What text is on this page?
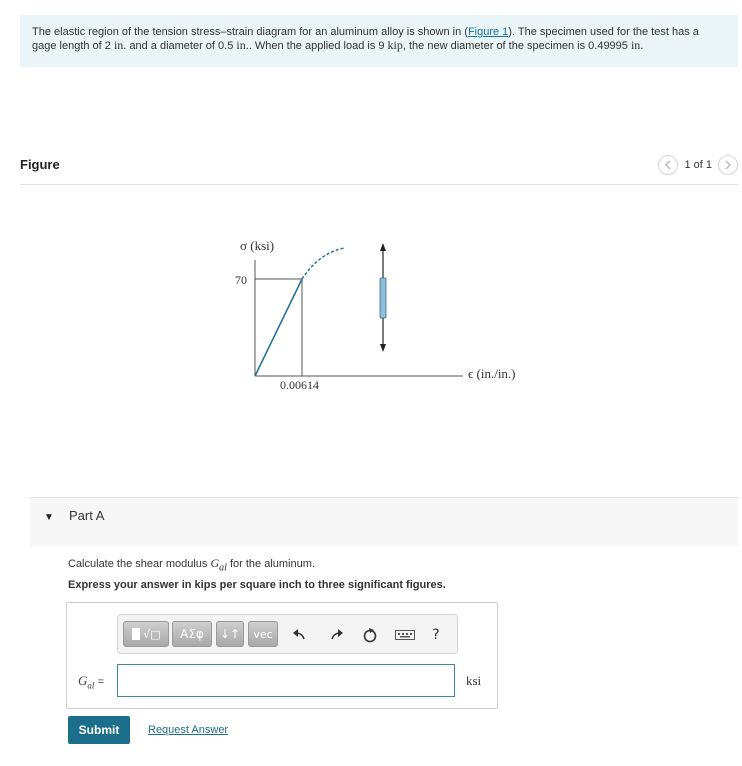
The elastic region of the tension stress–strain diagram for an aluminum alloy is shown in (Figure 1). The specimen used for the test has a gage length of 2 in. and a diameter of 0.5 in.. When the applied load is 9 kip, the new diameter of the specimen is 0.49995 in.
Figure	1 of 1
σ (ksi)
70
0.00614
ϵ (in./in.)
▼ Part A
Calculate the shear modulus $G_{al}$ for the aluminum.
Express your answer in kips per square inch to three significant figures.
√□	ΑΣφ	↓↑	vec	?
$G_{al}$ =	ksi
Submit	Request Answer
